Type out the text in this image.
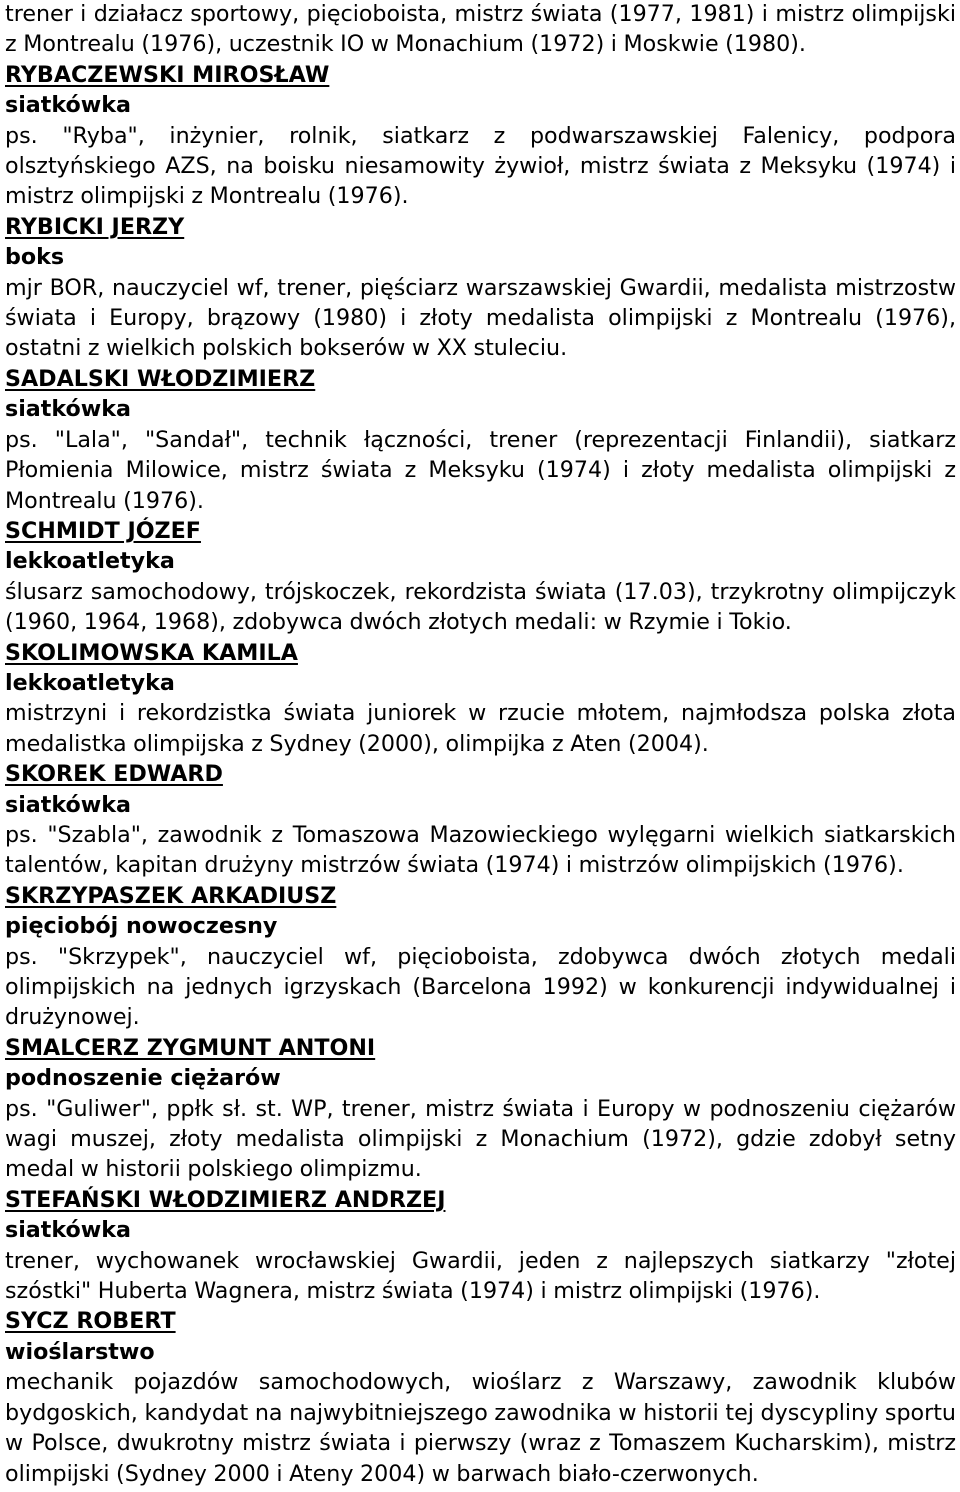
trener i działacz sportowy, pięcioboista, mistrz świata (1977, 1981) i mistrz olimpijski z Montrealu (1976), uczestnik IO w Monachium (1972) i Moskwie (1980).

RYBACZEWSKI MIROSŁAW
siatkówka

ps. "Ryba", inżynier, rolnik, siatkarz z podwarszawskiej Falenicy, podpora olsztyńskiego AZS, na boisku niesamowity żywioł, mistrz świata z Meksyku (1974) i mistrz olimpijski z Montrealu (1976).

RYBICKI JERZY
boks

mjr BOR, nauczyciel wf, trener, pięściarz warszawskiej Gwardii, medalista mistrzostw świata i Europy, brązowy (1980) i złoty medalista olimpijski z Montrealu (1976), ostatni z wielkich polskich bokserów w XX stuleciu.

SADALSKI WŁODZIMIERZ
siatkówka

ps. "Lala", "Sandał", technik łączności, trener (reprezentacji Finlandii), siatkarz Płomienia Milowice, mistrz świata z Meksyku (1974) i złoty medalista olimpijski z Montrealu (1976).

SCHMIDT JÓZEF
lekkoatletyka

ślusarz samochodowy, trójskoczek, rekordzista świata (17.03), trzykrotny olimpijczyk (1960, 1964, 1968), zdobywca dwóch złotych medali: w Rzymie i Tokio.

SKOLIMOWSKA KAMILA
lekkoatletyka

mistrzyni i rekordzistka świata juniorek w rzucie młotem, najmłodsza polska złota medalistka olimpijska z Sydney (2000), olimpijka z Aten (2004).

SKOREK EDWARD
siatkówka

ps. "Szabla", zawodnik z Tomaszowa Mazowieckiego wylęgarni wielkich siatkarskich talentów, kapitan drużyny mistrzów świata (1974) i mistrzów olimpijskich (1976).

SKRZYPASZEK ARKADIUSZ
pięciobój nowoczesny

ps. "Skrzypek", nauczyciel wf, pięcioboista, zdobywca dwóch złotych medali olimpijskich na jednych igrzyskach (Barcelona 1992) w konkurencji indywidualnej i drużynowej.

SMALCERZ ZYGMUNT ANTONI
podnoszenie ciężarów

ps. "Guliwer", ppłk sł. st. WP, trener, mistrz świata i Europy w podnoszeniu ciężarów wagi muszej, złoty medalista olimpijski z Monachium (1972), gdzie zdobył setny medal w historii polskiego olimpizmu.

STEFAŃSKI WŁODZIMIERZ ANDRZEJ
siatkówka

trener, wychowanek wrocławskiej Gwardii, jeden z najlepszych siatkarzy "złotej szóstki" Huberta Wagnera, mistrz świata (1974) i mistrz olimpijski (1976).

SYCZ ROBERT
wioślarstwo

mechanik pojazdów samochodowych, wioślarz z Warszawy, zawodnik klubów bydgoskich, kandydat na najwybitniejszego zawodnika w historii tej dyscypliny sportu w Polsce, dwukrotny mistrz świata i pierwszy (wraz z Tomaszem Kucharskim), mistrz olimpijski (Sydney 2000 i Ateny 2004) w barwach biało-czerwonych.
